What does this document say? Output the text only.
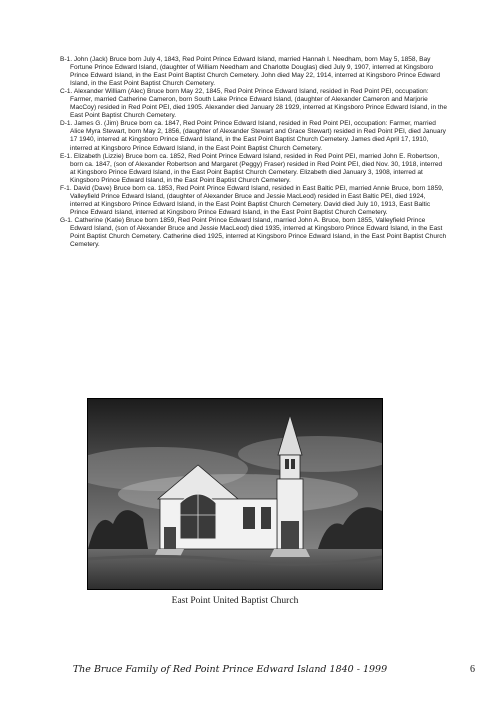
B-1. John (Jack) Bruce born July 4, 1843, Red Point Prince Edward Island, married Hannah I. Needham, born May 5, 1858, Bay Fortune Prince Edward Island, (daughter of William Needham and Charlotte Douglas) died July 9, 1907, interred at Kingsboro Prince Edward Island, in the East Point Baptist Church Cemetery. John died May 22, 1914, interred at Kingsboro Prince Edward Island, in the East Point Baptist Church Cemetery.

C-1. Alexander William (Alec) Bruce born May 22, 1845, Red Point Prince Edward Island, resided in Red Point PEI, occupation: Farmer, married Catherine Cameron, born South Lake Prince Edward Island, (daughter of Alexander Cameron and Marjorie MacCoy) resided in Red Point PEI, died 1905. Alexander died January 28 1929, interred at Kingsboro Prince Edward Island, in the East Point Baptist Church Cemetery.

D-1. James G. (Jim) Bruce born ca. 1847, Red Point Prince Edward Island, resided in Red Point PEI, occupation: Farmer, married Alice Myra Stewart, born May 2, 1856, (daughter of Alexander Stewart and Grace Stewart) resided in Red Point PEI, died January 17 1940, interred at Kingsboro Prince Edward Island, in the East Point Baptist Church Cemetery. James died April 17, 1910, interred at Kingsboro Prince Edward Island, in the East Point Baptist Church Cemetery.

E-1. Elizabeth (Lizzie) Bruce born ca. 1852, Red Point Prince Edward Island, resided in Red Point PEI, married John E. Robertson, born ca. 1847, (son of Alexander Robertson and Margaret (Peggy) Fraser) resided in Red Point PEI, died Nov. 30, 1918, interred at Kingsboro Prince Edward Island, in the East Point Baptist Church Cemetery. Elizabeth died January 3, 1908, interred at Kingsboro Prince Edward Island, in the East Point Baptist Church Cemetery.

F-1. David (Dave) Bruce born ca. 1853, Red Point Prince Edward Island, resided in East Baltic PEI, married Annie Bruce, born 1859, Valleyfield Prince Edward Island, (daughter of Alexander Bruce and Jessie MacLeod) resided in East Baltic PEI, died 1924, interred at Kingsboro Prince Edward Island, in the East Point Baptist Church Cemetery. David died July 10, 1913, East Baltic Prince Edward Island, interred at Kingsboro Prince Edward Island, in the East Point Baptist Church Cemetery.

G-1. Catherine (Katie) Bruce born 1859, Red Point Prince Edward Island, married John A. Bruce, born 1855, Valleyfield Prince Edward Island, (son of Alexander Bruce and Jessie MacLeod) died 1935, interred at Kingsboro Prince Edward Island, in the East Point Baptist Church Cemetery. Catherine died 1925, interred at Kingsboro Prince Edward Island, in the East Point Baptist Church Cemetery.

East Point United Baptist Church
The Bruce Family of Red Point Prince Edward Island 1840 - 1999	6
